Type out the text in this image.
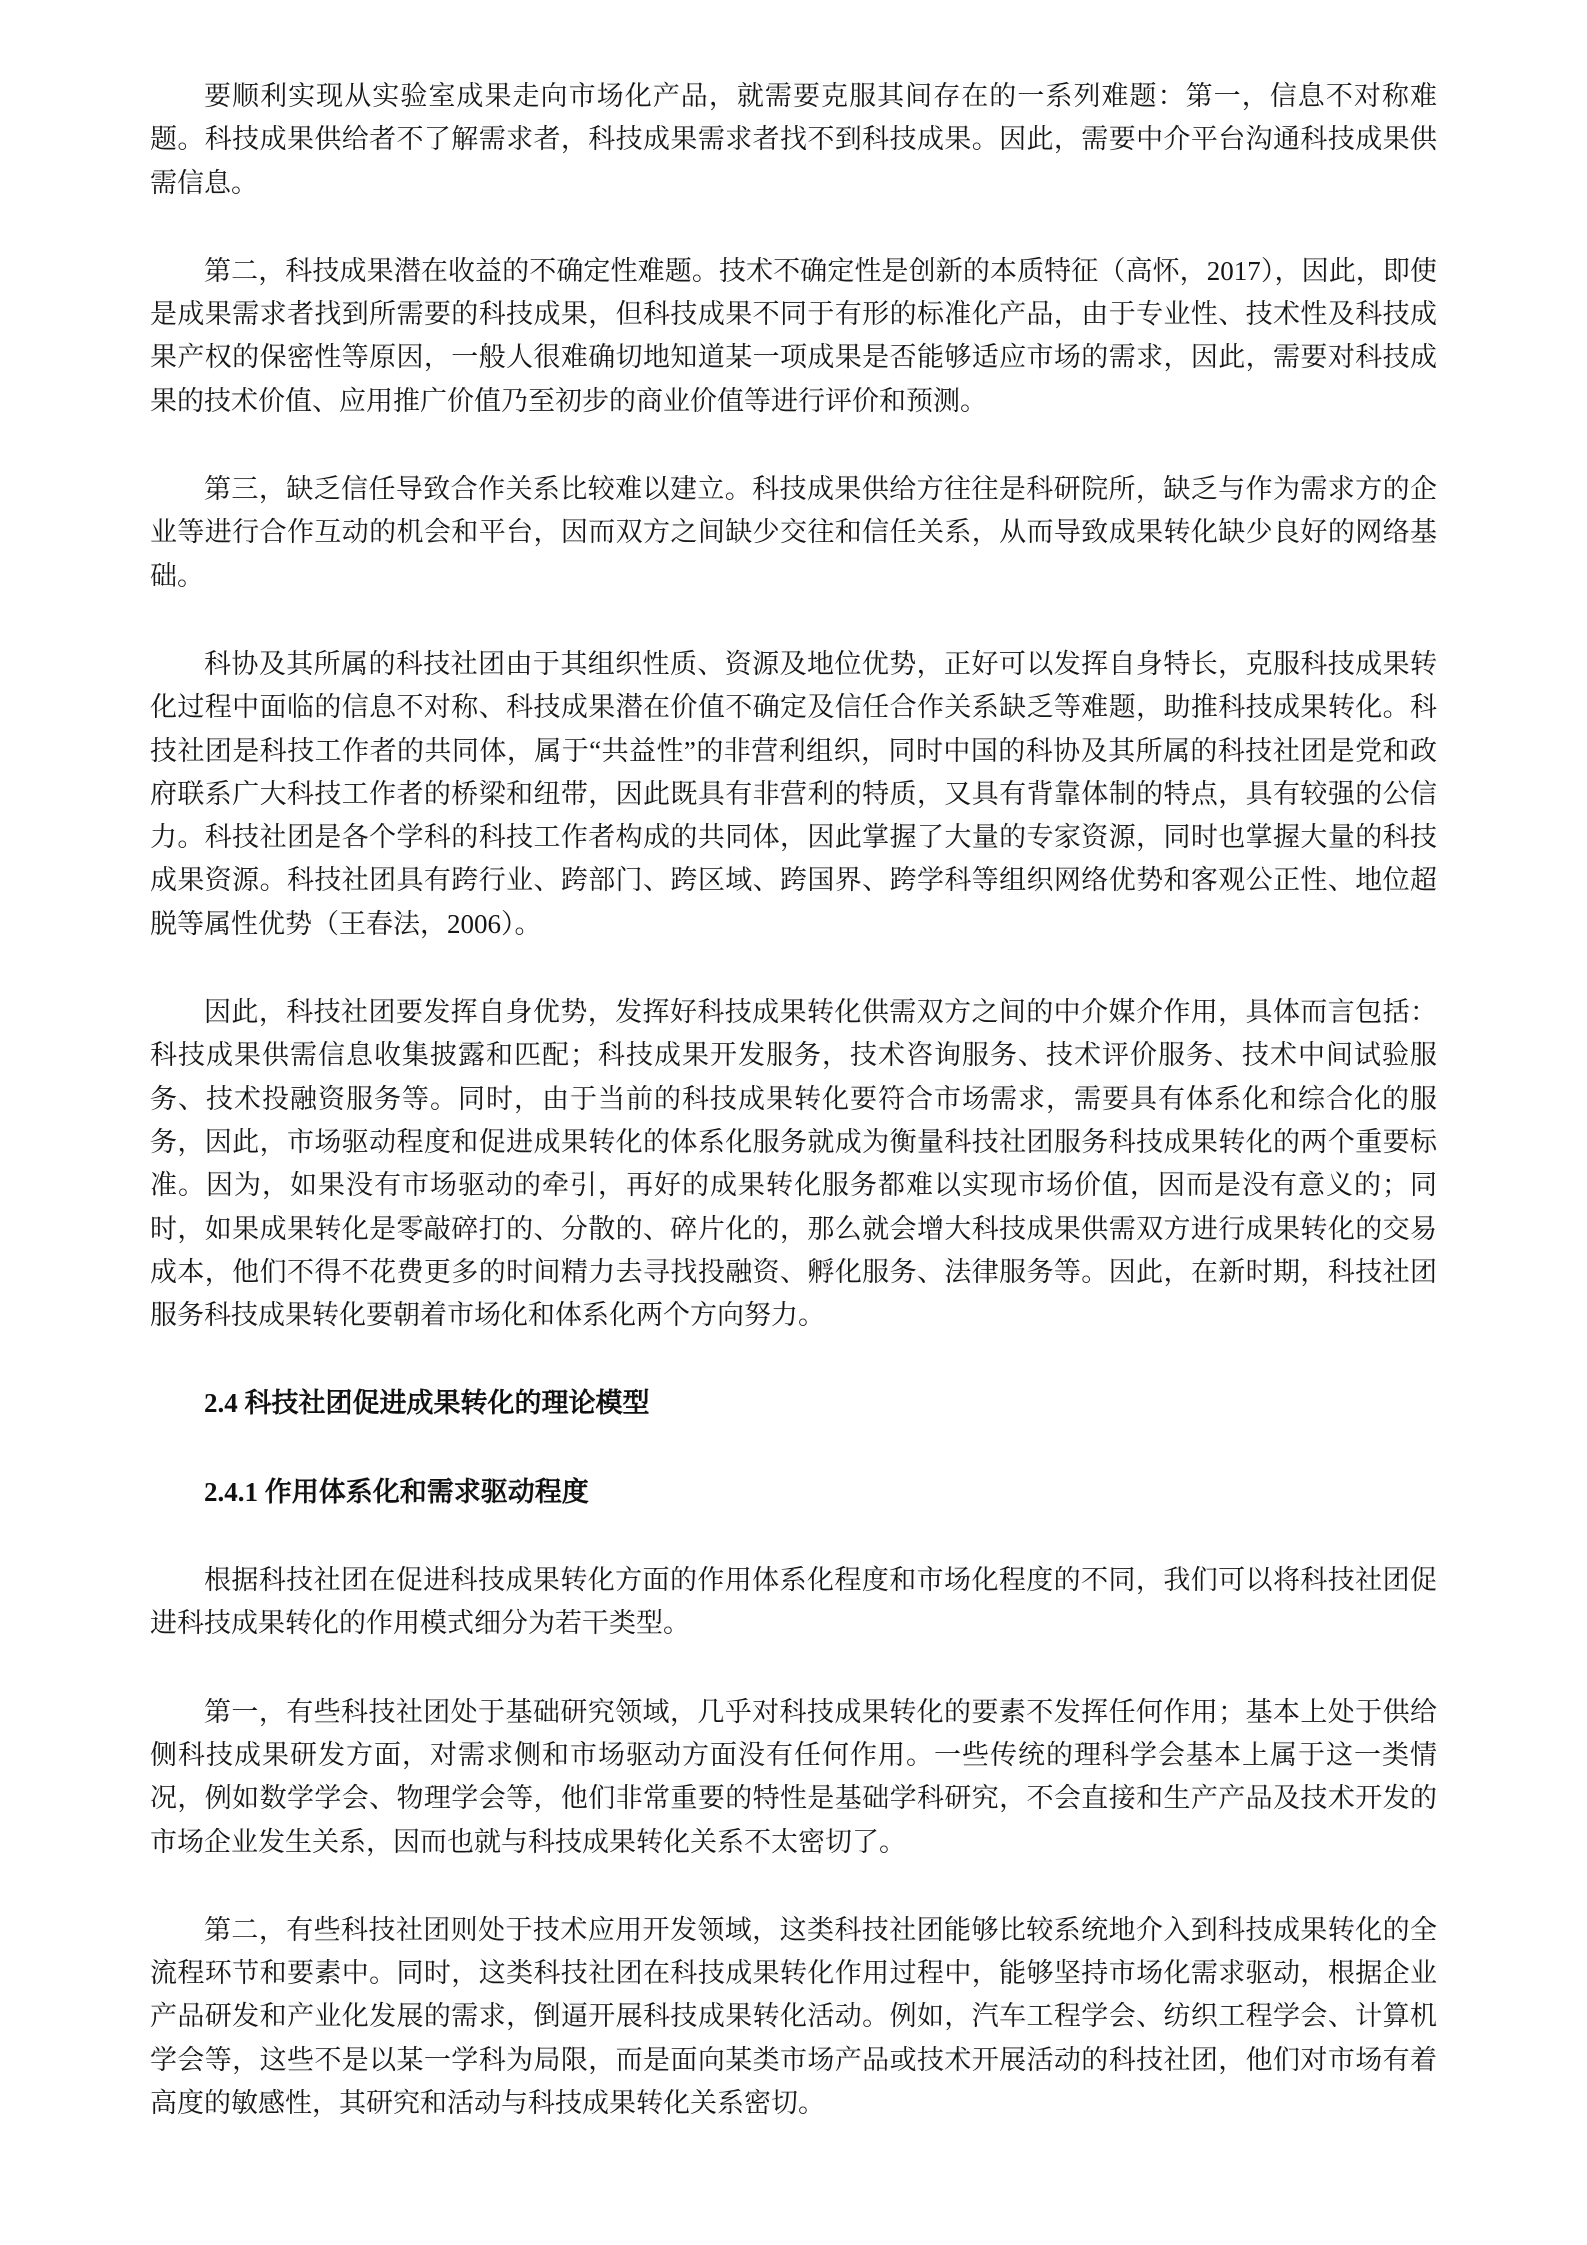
要顺利实现从实验室成果走向市场化产品，就需要克服其间存在的一系列难题：第一，信息不对称难题。科技成果供给者不了解需求者，科技成果需求者找不到科技成果。因此，需要中介平台沟通科技成果供需信息。

第二，科技成果潜在收益的不确定性难题。技术不确定性是创新的本质特征（高怀，2017），因此，即使是成果需求者找到所需要的科技成果，但科技成果不同于有形的标准化产品，由于专业性、技术性及科技成果产权的保密性等原因，一般人很难确切地知道某一项成果是否能够适应市场的需求，因此，需要对科技成果的技术价值、应用推广价值乃至初步的商业价值等进行评价和预测。

第三，缺乏信任导致合作关系比较难以建立。科技成果供给方往往是科研院所，缺乏与作为需求方的企业等进行合作互动的机会和平台，因而双方之间缺少交往和信任关系，从而导致成果转化缺少良好的网络基础。

科协及其所属的科技社团由于其组织性质、资源及地位优势，正好可以发挥自身特长，克服科技成果转化过程中面临的信息不对称、科技成果潜在价值不确定及信任合作关系缺乏等难题，助推科技成果转化。科技社团是科技工作者的共同体，属于“共益性”的非营利组织，同时中国的科协及其所属的科技社团是党和政府联系广大科技工作者的桥梁和纽带，因此既具有非营利的特质，又具有背靠体制的特点，具有较强的公信力。科技社团是各个学科的科技工作者构成的共同体，因此掌握了大量的专家资源，同时也掌握大量的科技成果资源。科技社团具有跨行业、跨部门、跨区域、跨国界、跨学科等组织网络优势和客观公正性、地位超脱等属性优势（王春法，2006）。

因此，科技社团要发挥自身优势，发挥好科技成果转化供需双方之间的中介媒介作用，具体而言包括：科技成果供需信息收集披露和匹配；科技成果开发服务，技术咨询服务、技术评价服务、技术中间试验服务、技术投融资服务等。同时，由于当前的科技成果转化要符合市场需求，需要具有体系化和综合化的服务，因此，市场驱动程度和促进成果转化的体系化服务就成为衡量科技社团服务科技成果转化的两个重要标准。因为，如果没有市场驱动的牵引，再好的成果转化服务都难以实现市场价值，因而是没有意义的；同时，如果成果转化是零敲碎打的、分散的、碎片化的，那么就会增大科技成果供需双方进行成果转化的交易成本，他们不得不花费更多的时间精力去寻找投融资、孵化服务、法律服务等。因此，在新时期，科技社团服务科技成果转化要朝着市场化和体系化两个方向努力。

2.4 科技社团促进成果转化的理论模型

2.4.1 作用体系化和需求驱动程度

根据科技社团在促进科技成果转化方面的作用体系化程度和市场化程度的不同，我们可以将科技社团促进科技成果转化的作用模式细分为若干类型。

第一，有些科技社团处于基础研究领域，几乎对科技成果转化的要素不发挥任何作用；基本上处于供给侧科技成果研发方面，对需求侧和市场驱动方面没有任何作用。一些传统的理科学会基本上属于这一类情况，例如数学学会、物理学会等，他们非常重要的特性是基础学科研究，不会直接和生产产品及技术开发的市场企业发生关系，因而也就与科技成果转化关系不太密切了。

第二，有些科技社团则处于技术应用开发领域，这类科技社团能够比较系统地介入到科技成果转化的全流程环节和要素中。同时，这类科技社团在科技成果转化作用过程中，能够坚持市场化需求驱动，根据企业产品研发和产业化发展的需求，倒逼开展科技成果转化活动。例如，汽车工程学会、纺织工程学会、计算机学会等，这些不是以某一学科为局限，而是面向某类市场产品或技术开展活动的科技社团，他们对市场有着高度的敏感性，其研究和活动与科技成果转化关系密切。
